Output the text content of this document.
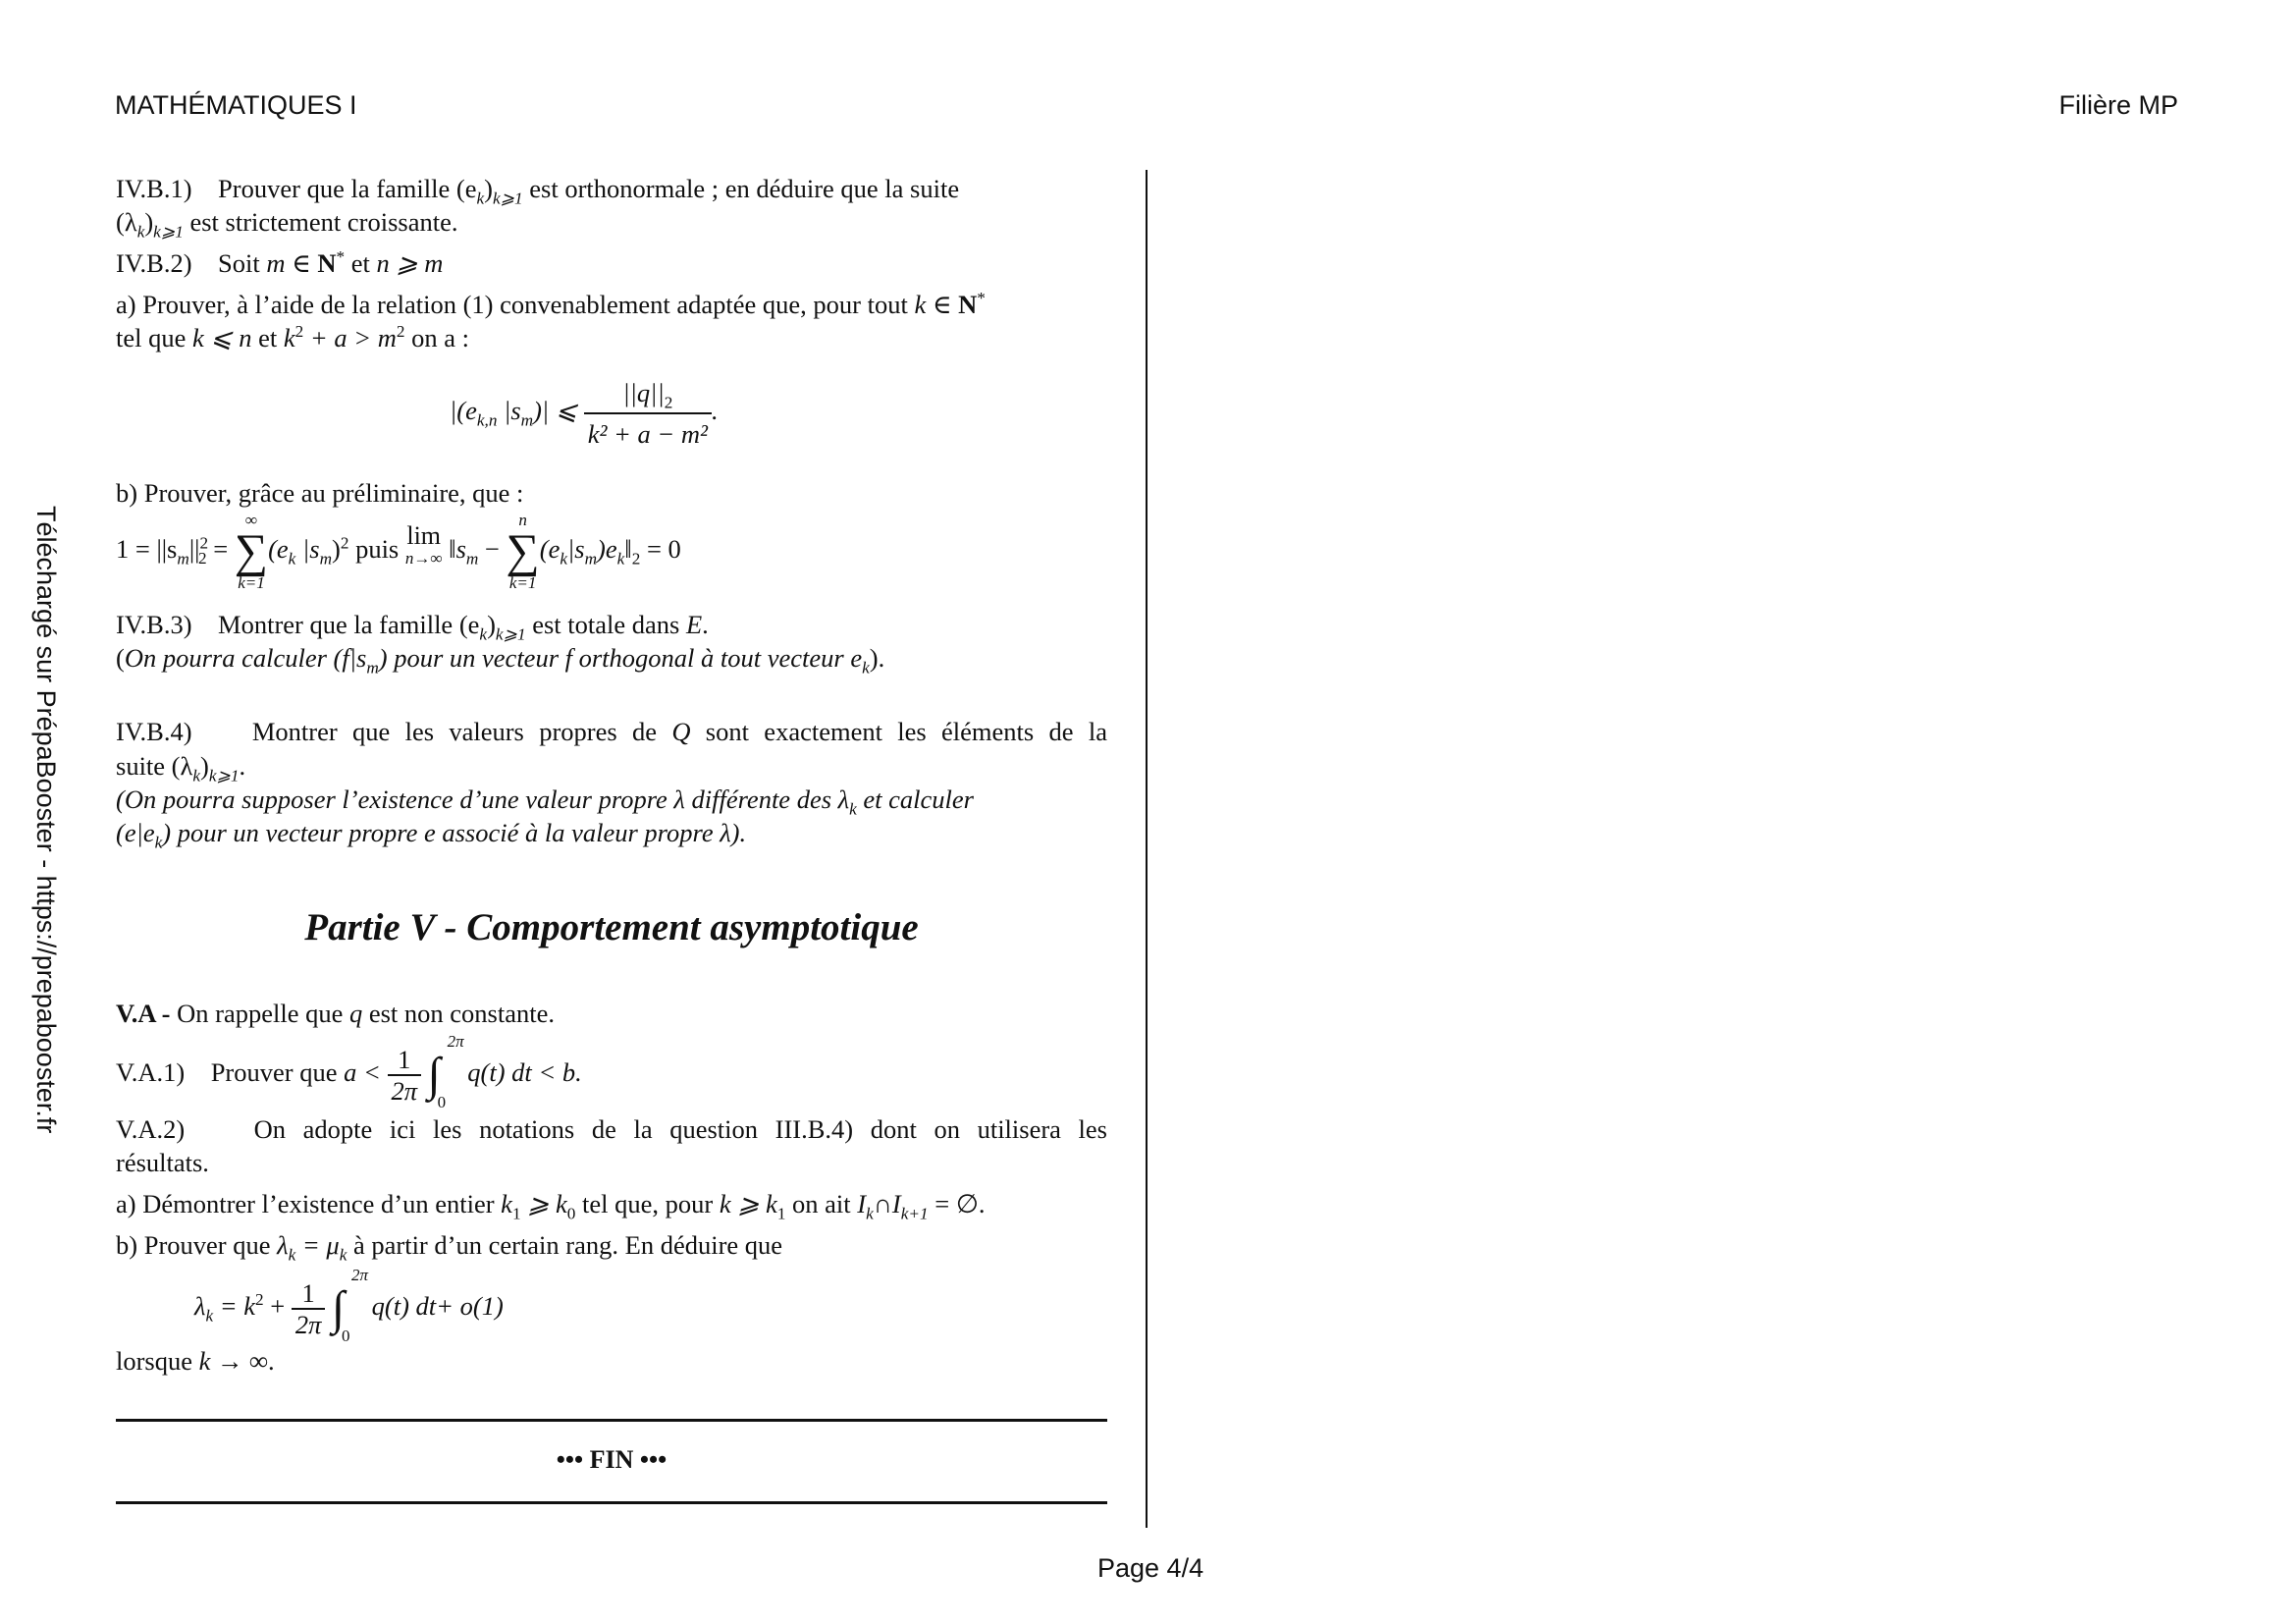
MATHÉMATIQUES I	Filière MP
Téléchargé sur PrépaBooster - https://prepabooster.fr
IV.B.1) Prouver que la famille $(e_k)_{k⩾1}$ est orthonormale ; en déduire que la suite
$(\lambda_k)_{k⩾1}$ est strictement croissante.
IV.B.2) Soit m ∈ N* et n ⩾ m
a) Prouver, à l’aide de la relation (1) convenablement adaptée que, pour tout k ∈ N*
tel que k ⩽ n et $k^2 + a > m^2$ on a :
$|(e_{k,n}$ $|s_m)|$ ⩽ $\frac{||q||_2}{\text{k² + a − m²}}$ .
b) Prouver, grâce au préliminaire, que :
$1 = ||s_m||^2_2$ =
∞
∑
k=1
($e_k$ $|s_m)^2$ puis lim
n→∞ $‖s_m$ −
n
∑
k=1
$(e_k|s_m)e_k‖_2 = 0$
IV.B.3) Montrer que la famille $(e_k)_{k⩾1}$ est totale dans E.
(On pourra calculer $(f|s_m)$ pour un vecteur f orthogonal à tout vecteur $e_k$).
IV.B.4) Montrer que les valeurs propres de Q sont exactement les éléments de la
suite $(\lambda_k)_{k⩾1}$.
(On pourra supposer l’existence d’une valeur propre λ différente des $\lambda_k$ et calculer
$(e|e_k)$ pour un vecteur propre e associé à la valeur propre λ).
Partie V - Comportement asymptotique
V.A - On rappelle que q est non constante.
V.A.1) Prouver que $a < \frac{1}{2\pi}$ ∫
2π
0
q(t) dt < b.
V.A.2)	On adopte ici les notations de la question III.B.4) dont on utilisera les
résultats.
a) Démontrer l’existence d’un entier $k_1$ ⩾ $k_0$ tel que, pour k ⩾ $k_1$ on ait $I_k\cap I_{k+1}$ = ∅.
b) Prouver que $\lambda_k = \mu_k$ à partir d’un certain rang. En déduire que
$\lambda_k = k^2 + \frac{1}{2\pi}$ ∫
2π
0
q(t) dt+ o(1)
lorsque k → ∞.
••• FIN •••
Page 4/4
